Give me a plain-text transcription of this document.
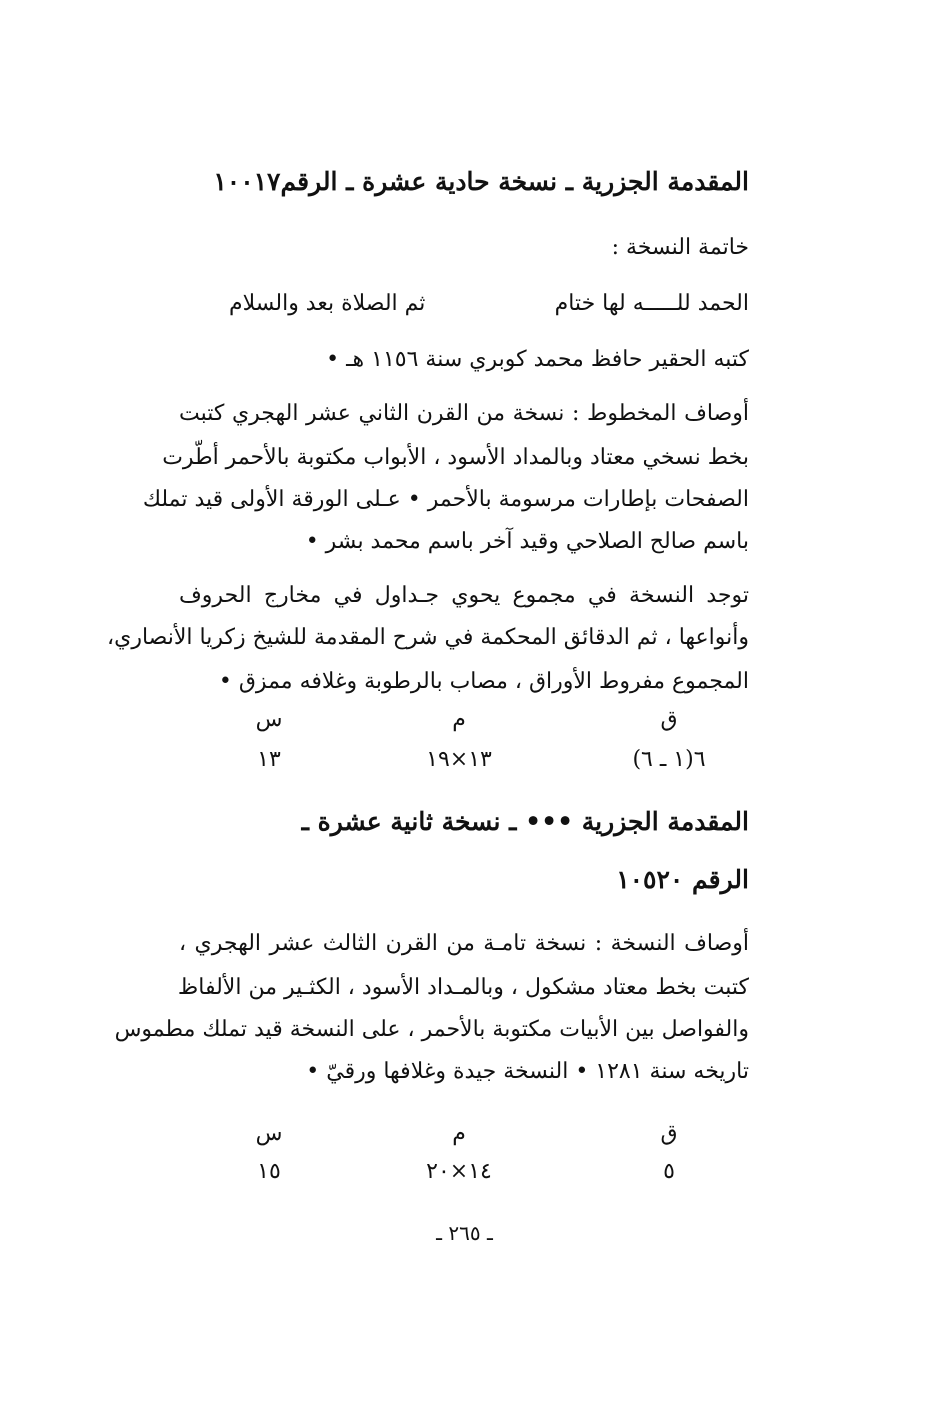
المقدمة الجزرية ـ نسخة حادية عشرة ـ الرقم١٠٠١٧
خاتمة النسخة :
الحمد للـــــه لها ختام
ثم الصلاة بعد والسلام
كتبه الحقير حافظ محمد كوبري سنة ١١٥٦ هـ •
أوصاف المخطوط : نسخة من القرن الثاني عشر الهجري كتبت
بخط نسخي معتاد وبالمداد الأسود ، الأبواب مكتوبة بالأحمر أطّرت
الصفحات بإطارات مرسومة بالأحمر • عـلى الورقة الأولى قيد تملك
باسم صالح الصلاحي وقيد آخر باسم محمد بشر •
توجد النسخة في مجموع يحوي جـداول في مخارج الحروف
وأنواعها ، ثم الدقائق المحكمة في شرح المقدمة للشيخ زكريا الأنصاري،
المجموع مفروط الأوراق ، مصاب بالرطوبة وغلافه ممزق •
ق
م
س
٦(١ ـ ٦)
١٣×١٩
١٣
المقدمة الجزرية ••• ـ نسخة ثانية عشرة ـ
الرقم ١٠٥٢٠
أوصاف النسخة : نسخة تامـة من القرن الثالث عشر الهجري ،
كتبت بخط معتاد مشكول ، وبالمـداد الأسود ، الكثـير من الألفاظ
والفواصل بين الأبيات مكتوبة بالأحمر ، على النسخة قيد تملك مطموس
تاريخه سنة ١٢٨١ • النسخة جيدة وغلافها ورقيّ •
ق
م
س
٥
١٤×٢٠
١٥
ـ ٢٦٥ ـ
